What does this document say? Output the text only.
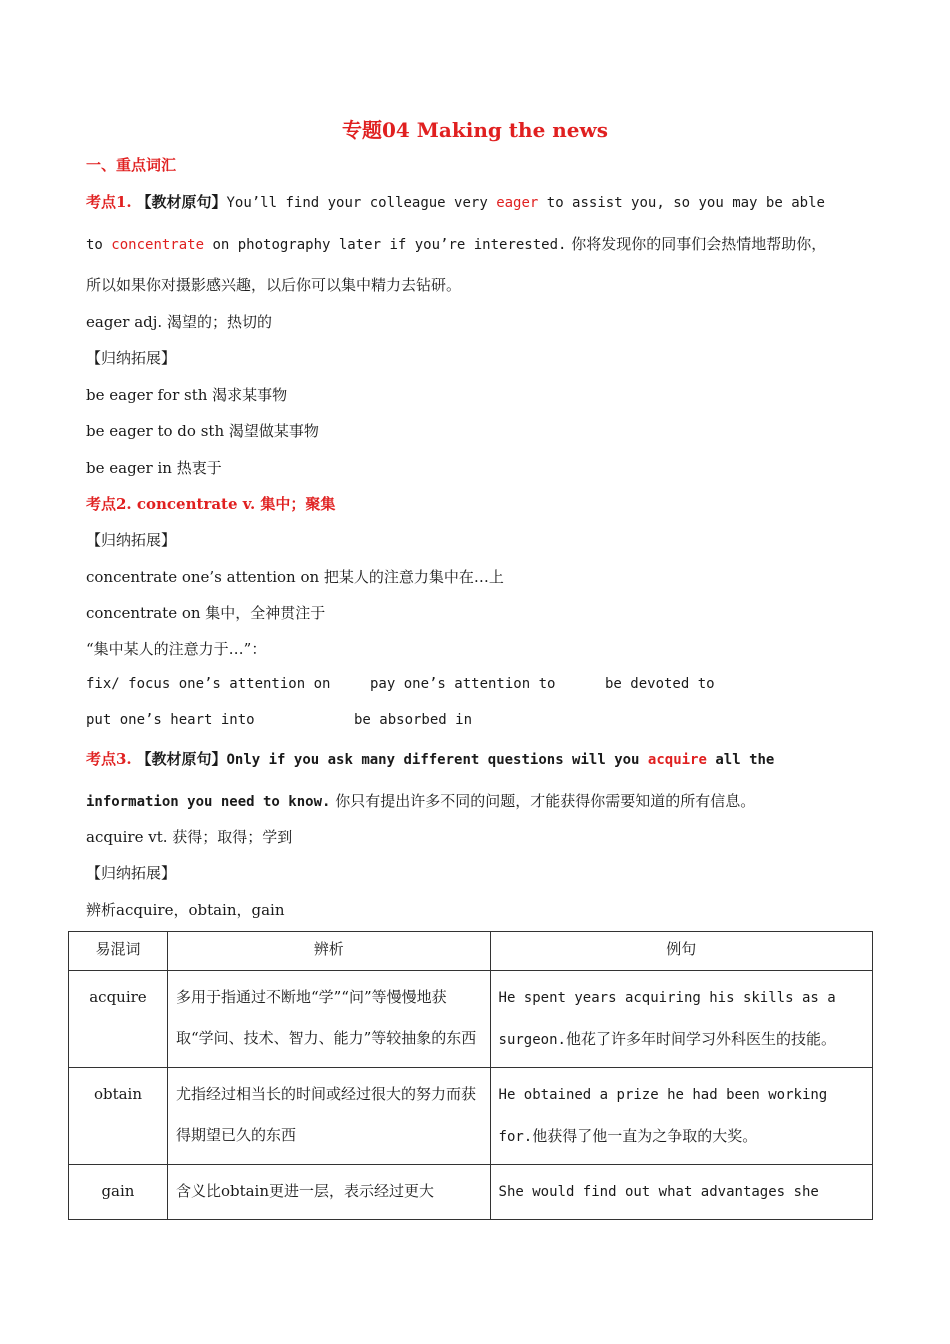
专题04 Making the news
一、重点词汇
考点1. 【教材原句】You’ll find your colleague very eager to assist you, so you may be able
to concentrate on photography later if you’re interested. 你将发现你的同事们会热情地帮助你，
所以如果你对摄影感兴趣，以后你可以集中精力去钻研。
eager adj. 渴望的；热切的
【归纳拓展】
be eager for sth 渴求某事物
be eager to do sth 渴望做某事物
be eager in 热衷于
考点2. concentrate v. 集中；聚集
【归纳拓展】
concentrate one’s attention on 把某人的注意力集中在…上
concentrate on 集中，全神贯注于
“集中某人的注意力于…”：
fix/ focus one’s attention on	pay one’s attention to	be devoted to
put one’s heart into	be absorbed in
考点3. 【教材原句】Only if you ask many different questions will you acquire all the
information you need to know. 你只有提出许多不同的问题，才能获得你需要知道的所有信息。
acquire vt. 获得；取得；学到
【归纳拓展】
辨析acquire，obtain，gain
易混词	辨析	例句
acquire	多用于指通过不断地“学”“问”等慢慢地获取“学问、技术、智力、能力”等较抽象的东西	He spent years acquiring his skills as a surgeon.他花了许多年时间学习外科医生的技能。
obtain	尤指经过相当长的时间或经过很大的努力而获得期望已久的东西	He obtained a prize he had been working for.他获得了他一直为之争取的大奖。
gain	含义比obtain更进一层，表示经过更大	She would find out what advantages she
